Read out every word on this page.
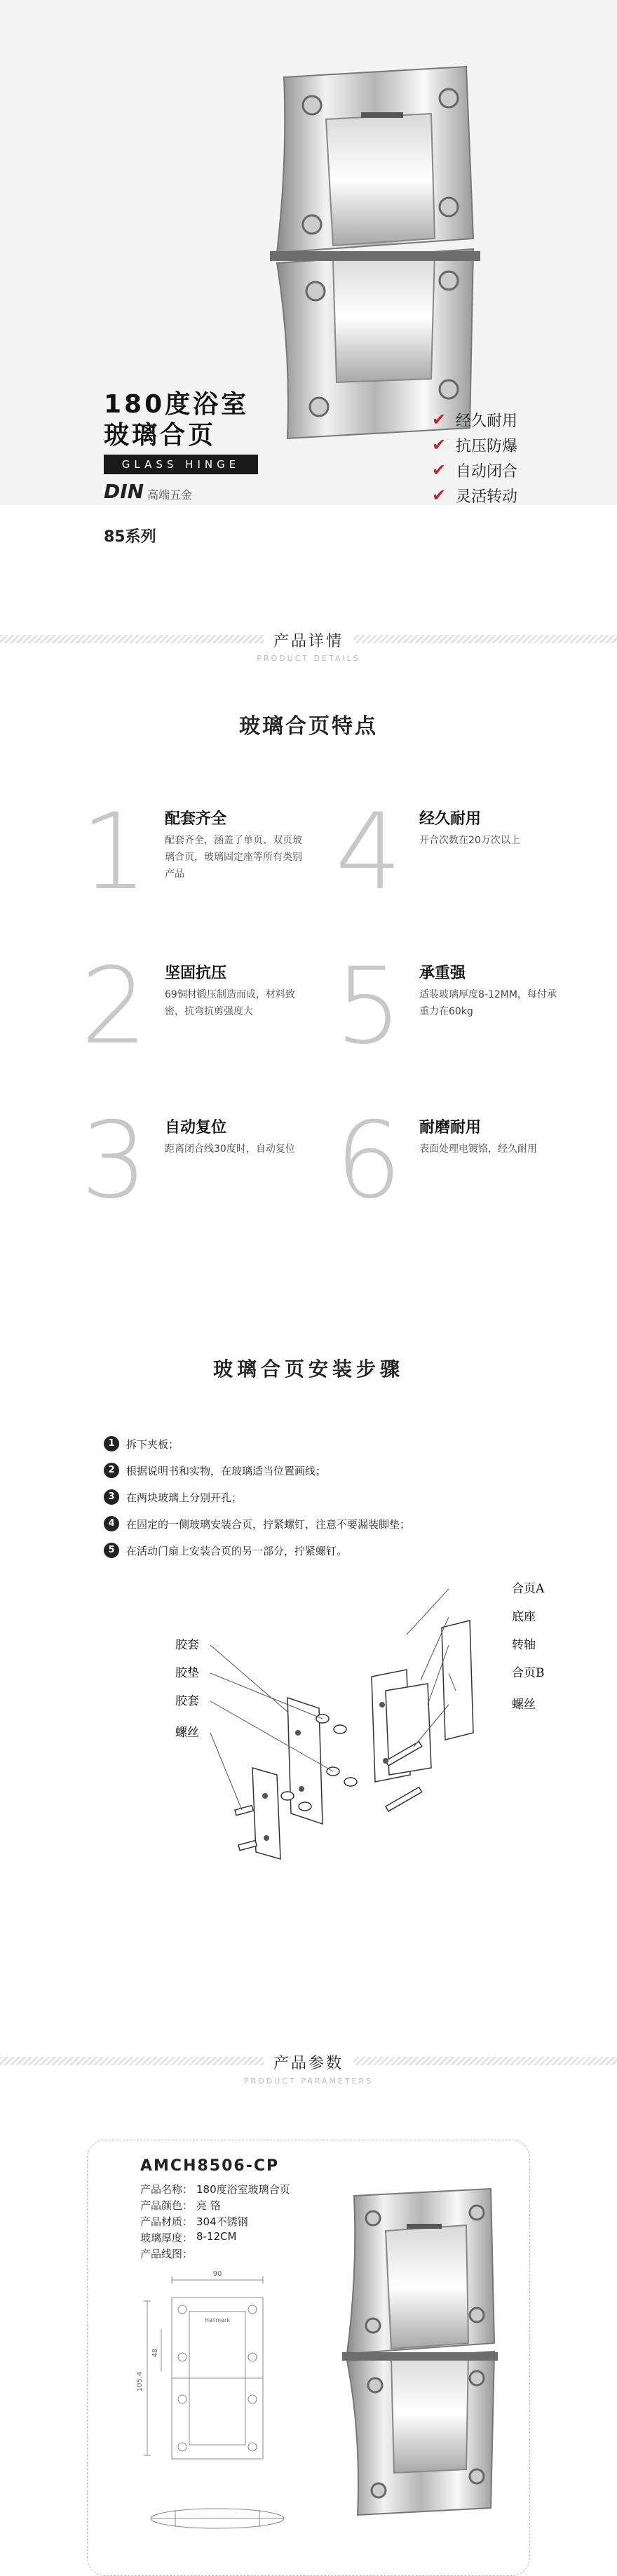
180度浴室
玻璃合页
GLASS HINGE
DIN 高端五金
85系列
✔ 经久耐用
✔ 抗压防爆
✔ 自动闭合
✔ 灵活转动
产品详情
PRODUCT DETAILS
玻璃合页特点
1 配套齐全
配套齐全，涵盖了单页、双页玻璃合页，玻璃固定座等所有类别产品	4 经久耐用
开合次数在20万次以上
2 坚固抗压
69铜材锻压制造而成，材料致密，抗弯抗剪强度大 5 承重强
适装玻璃厚度8-12MM，每付承重力在60kg
3 自动复位
距离闭合线30度时，自动复位 6 耐磨耐用
表面处理电镀铬，经久耐用
玻璃合页安装步骤
1	拆下夹板；
2	根据说明书和实物，在玻璃适当位置画线；
3	在两块玻璃上分别开孔；
4	在固定的一侧玻璃安装合页，拧紧螺钉，注意不要漏装脚垫；
5	在活动门扇上安装合页的另一部分，拧紧螺钉。
胶套
胶垫
胶套
螺丝
合页A
底座
转轴
合页B
螺丝
产品参数
PRODUCT PARAMETERS
AMCH8506-CP
产品名称： 180度浴室玻璃合页
产品颜色： 亮 铬
产品材质： 304不锈钢
玻璃厚度： 8-12CM
产品线图：
90
105.4
48
Hallmark
